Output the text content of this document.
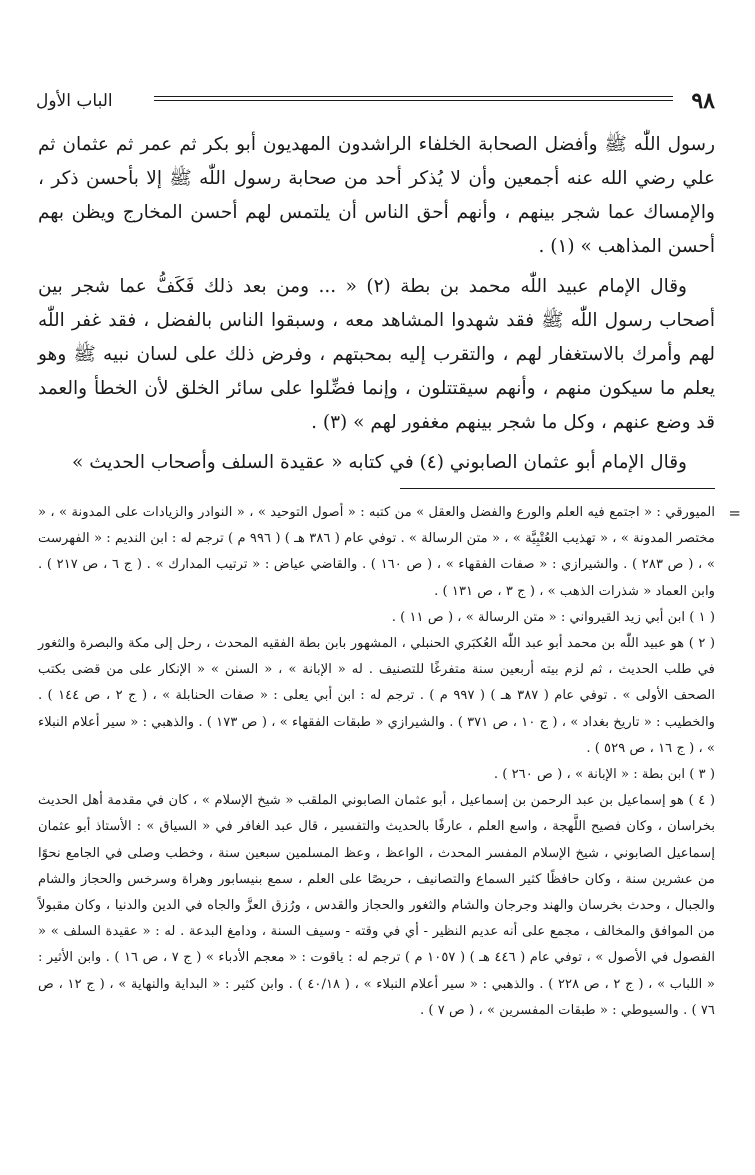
٩٨
الباب الأول

رسول اللّٰه ﷺ وأفضل الصحابة الخلفاء الراشدون المهديون أبو بكر ثم عمر ثم عثمان ثم علي رضي الله عنه أجمعين وأن لا يُذكر أحد من صحابة رسول اللّٰه ﷺ إلا بأحسن ذكر ، والإمساك عما شجر بينهم ، وأنهم أحق الناس أن يلتمس لهم أحسن المخارج ويظن بهم أحسن المذاهب » (١) .

وقال الإمام عبيد اللّٰه محمد بن بطة (٢) « ... ومن بعد ذلك فَكَفُّ عما شجر بين أصحاب رسول اللّٰه ﷺ فقد شهدوا المشاهد معه ، وسبقوا الناس بالفضل ، فقد غفر اللّٰه لهم وأمرك بالاستغفار لهم ، والتقرب إليه بمحبتهم ، وفرض ذلك على لسان نبيه ﷺ وهو يعلم ما سيكون منهم ، وأنهم سيقتتلون ، وإنما فضِّلوا على سائر الخلق لأن الخطأ والعمد قد وضع عنهم ، وكل ما شجر بينهم مغفور لهم » (٣) .

وقال الإمام أبو عثمان الصابوني (٤) في كتابه « عقيدة السلف وأصحاب الحديث »

=

الميورقي : « اجتمع فيه العلم والورع والفضل والعقل » من كتبه : « أصول التوحيد » ، « النوادر والزيادات على المدونة » ، « مختصر المدونة » ، « تهذيب العُتْبِيَّة » ، « متن الرسالة » . توفي عام ( ٣٨٦ هـ ) ( ٩٩٦ م ) ترجم له : ابن النديم : « الفهرست » ، ( ص ٢٨٣ ) . والشيرازي : « صفات الفقهاء » ، ( ص ١٦٠ ) . والقاضي عياض : « ترتيب المدارك » . ( ج ٦ ، ص ٢١٧ ) . وابن العماد « شذرات الذهب » ، ( ج ٣ ، ص ١٣١ ) .

( ١ ) ابن أبي زيد القيرواني : « متن الرسالة » ، ( ص ١١ ) .

( ٢ ) هو عبيد اللّٰه بن محمد أبو عبد اللّٰه العُكبَري الحنبلي ، المشهور بابن بطة الفقيه المحدث ، رحل إلى مكة والبصرة والثغور في طلب الحديث ، ثم لزم بيته أربعين سنة متفرغًا للتصنيف . له « الإبانة » ، « السنن » « الإنكار على من قضى بكتب الصحف الأولى » . توفي عام ( ٣٨٧ هـ ) ( ٩٩٧ م ) . ترجم له : ابن أبي يعلى : « صفات الحنابلة » ، ( ج ٢ ، ص ١٤٤ ) . والخطيب : « تاريخ بغداد » ، ( ج ١٠ ، ص ٣٧١ ) . والشيرازي « طبقات الفقهاء » ، ( ص ١٧٣ ) . والذهبي : « سير أعلام النبلاء » ، ( ج ١٦ ، ص ٥٢٩ ) .

( ٣ ) ابن بطة : « الإبانة » ، ( ص ٢٦٠ ) .

( ٤ ) هو إسماعيل بن عبد الرحمن بن إسماعيل ، أبو عثمان الصابوني الملقب « شيخ الإسلام » ، كان في مقدمة أهل الحديث بخراسان ، وكان فصيح اللَّهجة ، واسع العلم ، عارفًا بالحديث والتفسير ، قال عبد الغافر في « السياق » : الأستاذ أبو عثمان إسماعيل الصابوني ، شيخ الإسلام المفسر المحدث ، الواعظ ، وعظ المسلمين سبعين سنة ، وخطب وصلى في الجامع نحوًا من عشرين سنة ، وكان حافظًا كثير السماع والتصانيف ، حريصًا على العلم ، سمع بنيسابور وهراة وسرخس والحجاز والشام والجبال ، وحدث بخرسان والهند وجرجان والشام والثغور والحجاز والقدس ، ورُزق العزَّ والجاه في الدين والدنيا ، وكان مقبولاً من الموافق والمخالف ، مجمع على أنه عديم النظير - أي في وقته - وسيف السنة ، ودامغ البدعة . له : « عقيدة السلف » « الفصول في الأصول » ، توفي عام ( ٤٤٦ هـ ) ( ١٠٥٧ م ) ترجم له : ياقوت : « معجم الأدباء » ( ج ٧ ، ص ١٦ ) . وابن الأثير : « اللباب » ، ( ج ٢ ، ص ٢٢٨ ) . والذهبي : « سير أعلام النبلاء » ، ( ٤٠/١٨ ) . وابن كثير : « البداية والنهاية » ، ( ج ١٢ ، ص ٧٦ ) . والسيوطي : « طبقات المفسرين » ، ( ص ٧ ) .
